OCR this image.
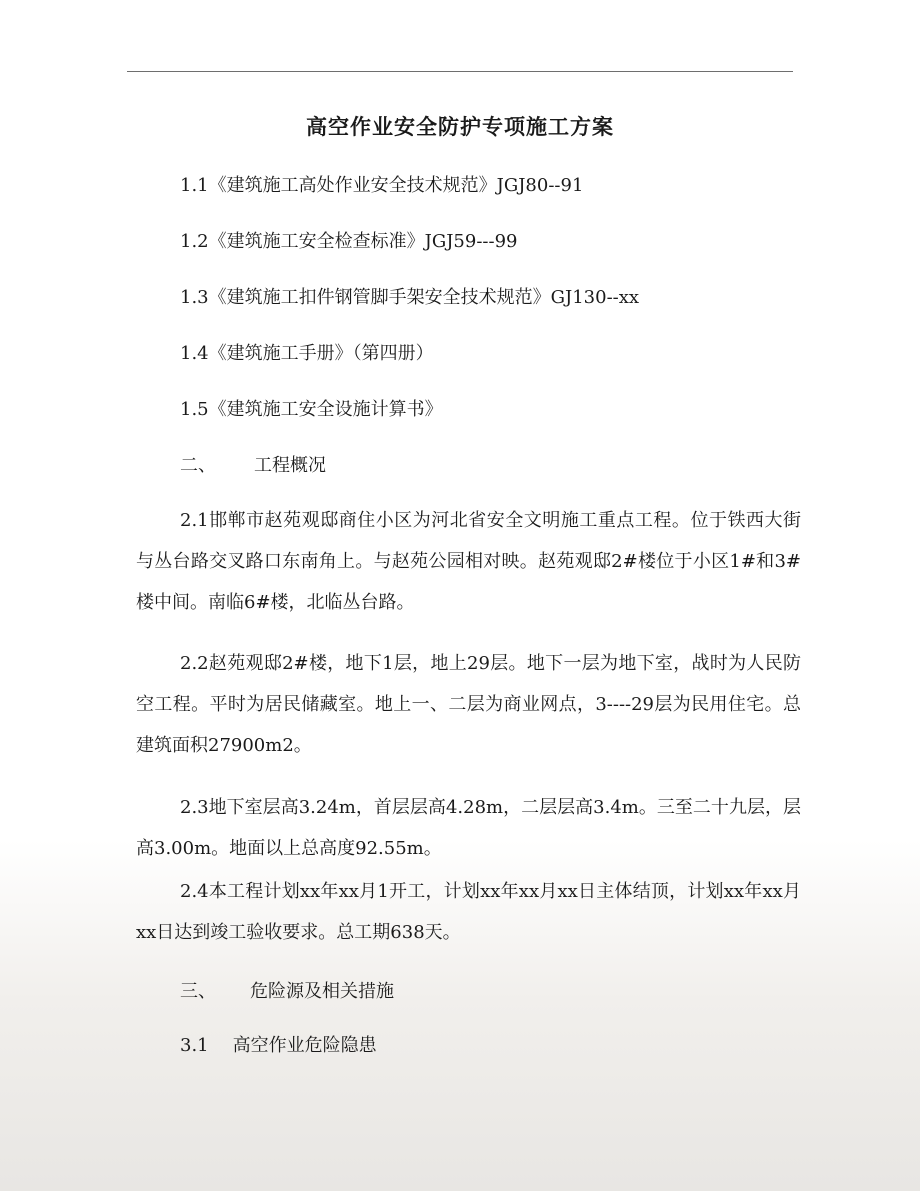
高空作业安全防护专项施工方案
1.1《建筑施工高处作业安全技术规范》JGJ80--91
1.2《建筑施工安全检查标准》JGJ59---99
1.3《建筑施工扣件钢管脚手架安全技术规范》GJ130--xx
1.4《建筑施工手册》（第四册）
1.5《建筑施工安全设施计算书》
二、 工程概况
2.1邯郸市赵苑观邸商住小区为河北省安全文明施工重点工程。位于铁西大街与丛台路交叉路口东南角上。与赵苑公园相对映。赵苑观邸2#楼位于小区1#和3#楼中间。南临6#楼，北临丛台路。
2.2赵苑观邸2#楼，地下1层，地上29层。地下一层为地下室，战时为人民防空工程。平时为居民储藏室。地上一、二层为商业网点，3----29层为民用住宅。总建筑面积27900m2。
2.3地下室层高3.24m，首层层高4.28m，二层层高3.4m。三至二十九层，层高3.00m。地面以上总高度92.55m。
2.4本工程计划xx年xx月1开工，计划xx年xx月xx日主体结顶，计划xx年xx月xx日达到竣工验收要求。总工期638天。
三、 危险源及相关措施
3.1 高空作业危险隐患
